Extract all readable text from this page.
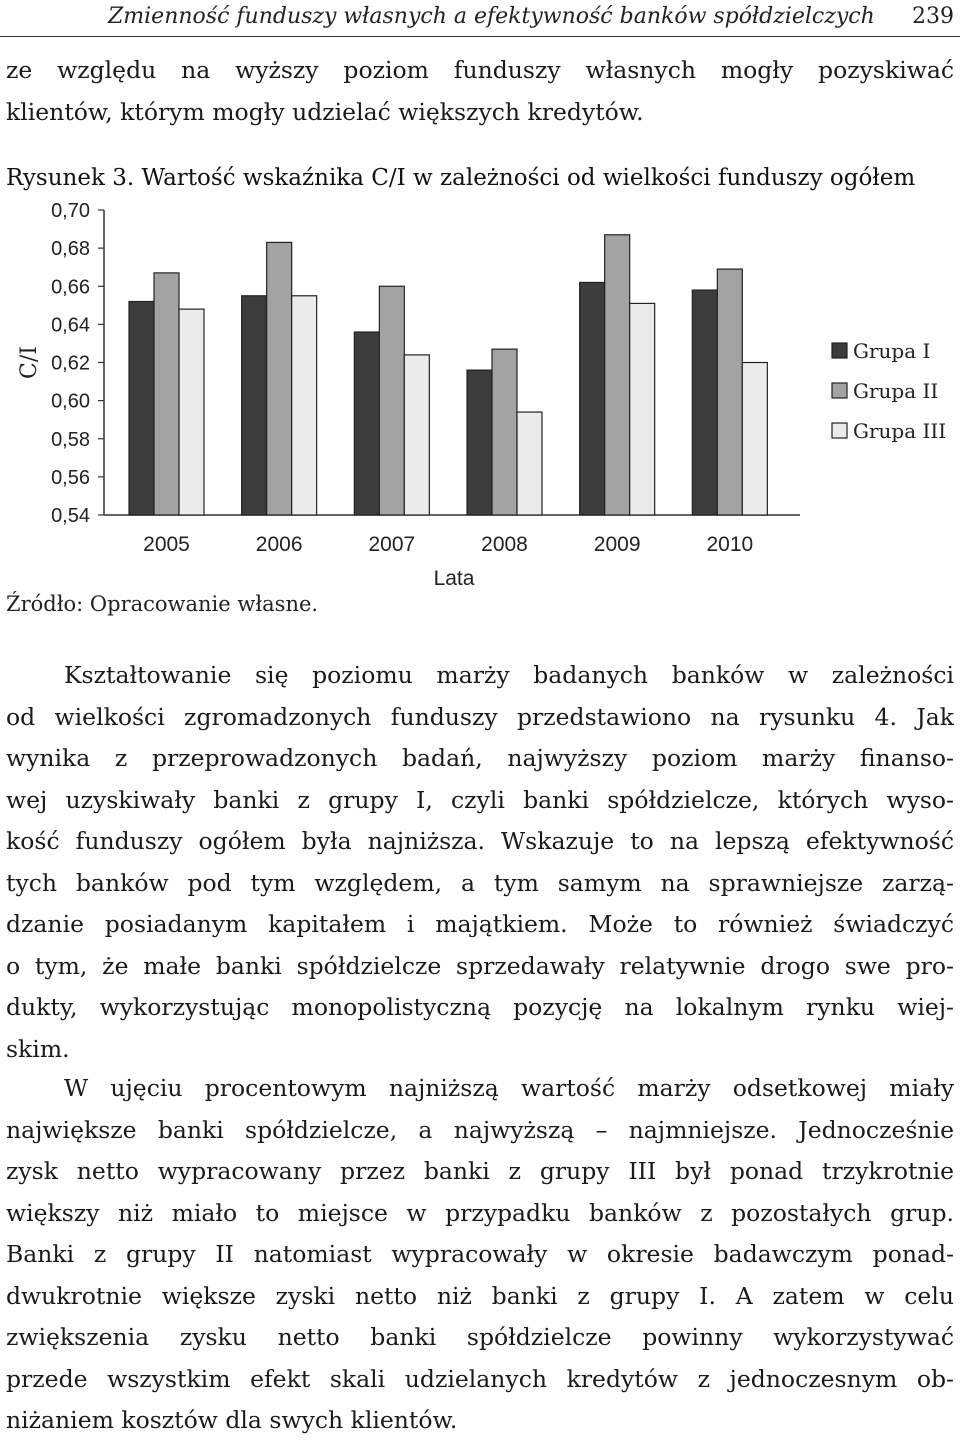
Zmienność funduszy własnych a efektywność banków spółdzielczych 239
ze względu na wyższy poziom funduszy własnych mogły pozyskiwać
klientów, którym mogły udzielać większych kredytów.
Rysunek 3. Wartość wskaźnika C/I w zależności od wielkości funduszy ogółem
0,54
0,56
0,58
0,60
0,62
0,64
0,66
0,68
0,70
C/I
2005	2006	2007	2008	2009	2010
Lata
Grupa I
Grupa II
Grupa III
Źródło: Opracowanie własne.
Kształtowanie się poziomu marży badanych banków w zależności
od wielkości zgromadzonych funduszy przedstawiono na rysunku 4. Jak
wynika z przeprowadzonych badań, najwyższy poziom marży finanso-
wej uzyskiwały banki z grupy I, czyli banki spółdzielcze, których wyso-
kość funduszy ogółem była najniższa. Wskazuje to na lepszą efektywność
tych banków pod tym względem, a tym samym na sprawniejsze zarzą-
dzanie posiadanym kapitałem i majątkiem. Może to również świadczyć
o tym, że małe banki spółdzielcze sprzedawały relatywnie drogo swe pro-
dukty, wykorzystując monopolistyczną pozycję na lokalnym rynku wiej-
skim.
W ujęciu procentowym najniższą wartość marży odsetkowej miały
największe banki spółdzielcze, a najwyższą – najmniejsze. Jednocześnie
zysk netto wypracowany przez banki z grupy III był ponad trzykrotnie
większy niż miało to miejsce w przypadku banków z pozostałych grup.
Banki z grupy II natomiast wypracowały w okresie badawczym ponad-
dwukrotnie większe zyski netto niż banki z grupy I. A zatem w celu
zwiększenia zysku netto banki spółdzielcze powinny wykorzystywać
przede wszystkim efekt skali udzielanych kredytów z jednoczesnym ob-
niżaniem kosztów dla swych klientów.
